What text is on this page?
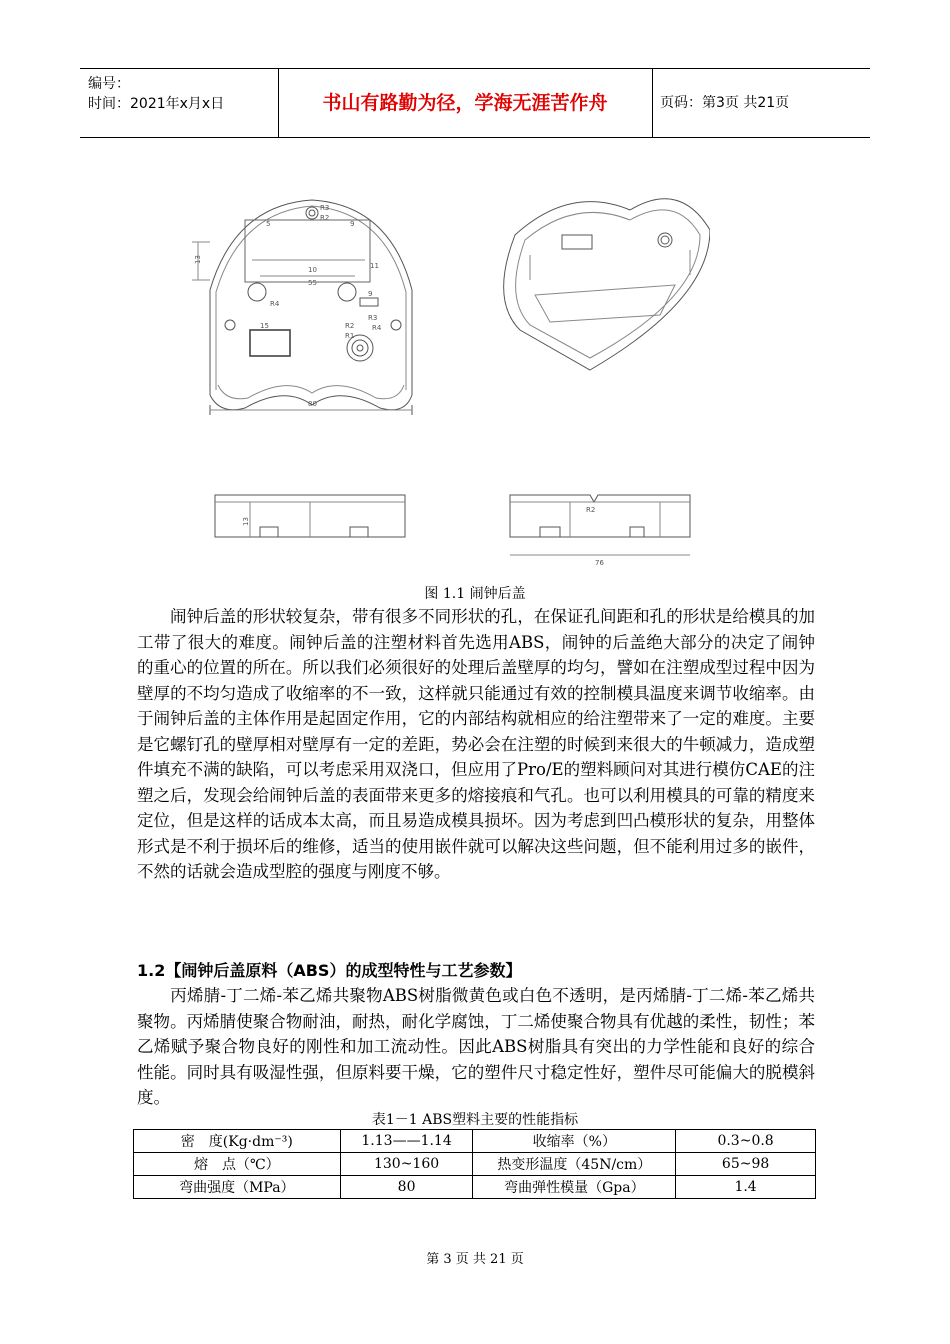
编号：
时间：2021年x月x日	书山有路勤为径，学海无涯苦作舟	页码：第3页 共21页
R3
R2
5	9
13
10
55
11
R4
9
15	R2
R3
R4
R1
80
13
R2
76
图 1.1 闹钟后盖

闹钟后盖的形状较复杂，带有很多不同形状的孔，在保证孔间距和孔的形状是给模具的加工带了很大的难度。闹钟后盖的注塑材料首先选用ABS，闹钟的后盖绝大部分的决定了闹钟的重心的位置的所在。所以我们必须很好的处理后盖壁厚的均匀，譬如在注塑成型过程中因为壁厚的不均匀造成了收缩率的不一致，这样就只能通过有效的控制模具温度来调节收缩率。由于闹钟后盖的主体作用是起固定作用，它的内部结构就相应的给注塑带来了一定的难度。主要是它螺钉孔的壁厚相对壁厚有一定的差距，势必会在注塑的时候到来很大的牛顿减力，造成塑件填充不满的缺陷，可以考虑采用双浇口，但应用了Pro/E的塑料顾问对其进行模仿CAE的注塑之后，发现会给闹钟后盖的表面带来更多的熔接痕和气孔。也可以利用模具的可靠的精度来定位，但是这样的话成本太高，而且易造成模具损坏。因为考虑到凹凸模形状的复杂，用整体形式是不利于损坏后的维修，适当的使用嵌件就可以解决这些问题，但不能利用过多的嵌件，不然的话就会造成型腔的强度与刚度不够。

1.2【闹钟后盖原料（ABS）的成型特性与工艺参数】

丙烯腈-丁二烯-苯乙烯共聚物ABS树脂微黄色或白色不透明，是丙烯腈-丁二烯-苯乙烯共聚物。丙烯腈使聚合物耐油，耐热，耐化学腐蚀，丁二烯使聚合物具有优越的柔性，韧性；苯乙烯赋予聚合物良好的刚性和加工流动性。因此ABS树脂具有突出的力学性能和良好的综合性能。同时具有吸湿性强，但原料要干燥，它的塑件尺寸稳定性好，塑件尽可能偏大的脱模斜度。

表1－1 ABS塑料主要的性能指标
密　度(Kg·dm⁻³)	1.13——1.14	收缩率（%）	0.3~0.8
熔　点（℃）	130~160	热变形温度（45N/cm）	65~98
弯曲强度（MPa）	80	弯曲弹性模量（Gpa）	1.4
第 3 页 共 21 页
